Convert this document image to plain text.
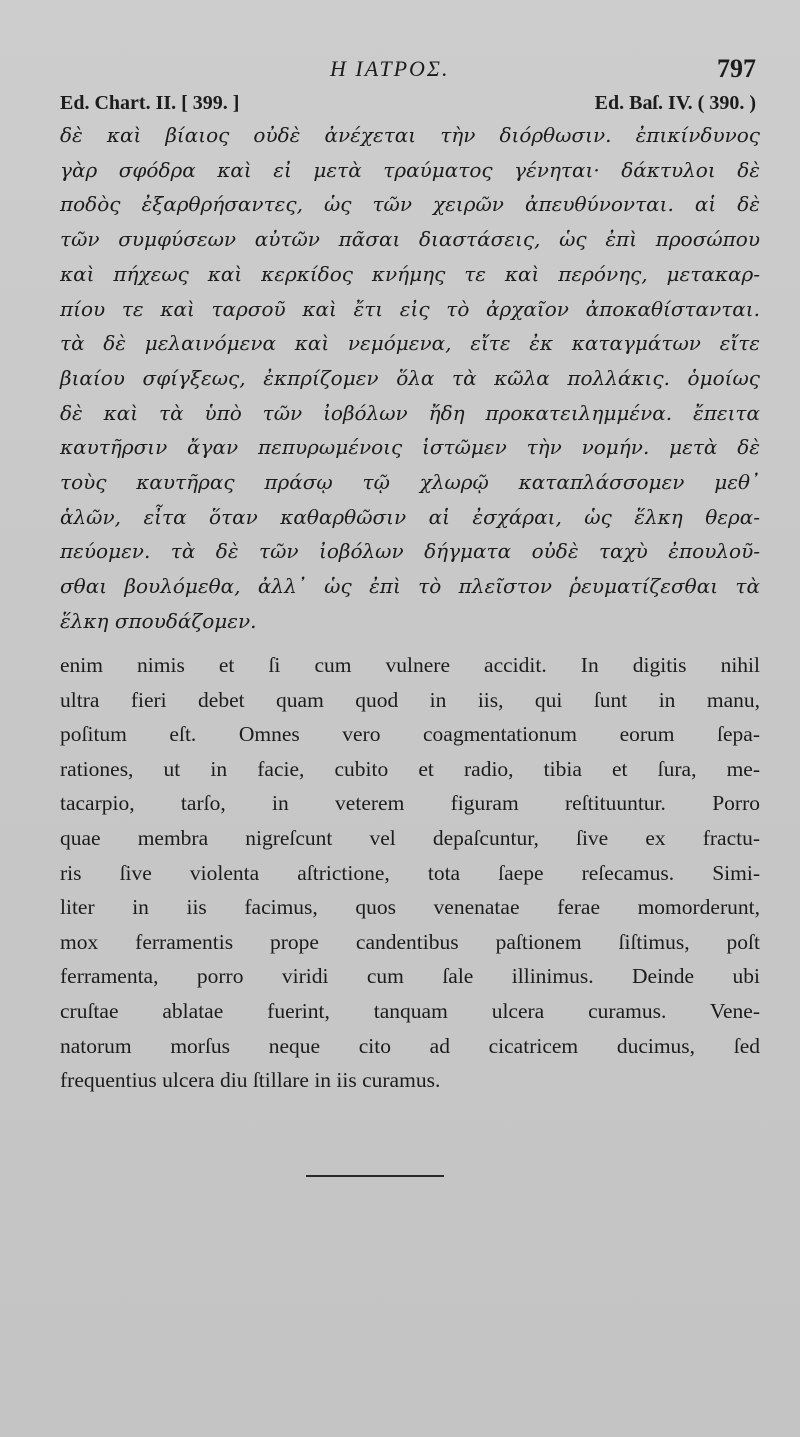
Η ΙΑΤΡΟΣ.	797
Ed. Chart. II. [ 399. ]	Ed. Baſ. IV. ( 390. )
δὲ καὶ βίαιος οὐδὲ ἀνέχεται τὴν διόρθωσιν. ἐπικίνδυνος
γὰρ σφόδρα καὶ εἰ μετὰ τραύματος γένηται· δάκτυλοι δὲ
ποδὸς ἐξαρθρήσαντες, ὡς τῶν χειρῶν ἀπευθύνονται. αἱ δὲ
τῶν συμφύσεων αὐτῶν πᾶσαι διαστάσεις, ὡς ἐπὶ προσώπου
καὶ πήχεως καὶ κερκίδος κνήμης τε καὶ περόνης, μετακαρ-
πίου τε καὶ ταρσοῦ καὶ ἔτι εἰς τὸ ἀρχαῖον ἀποκαθίστανται.
τὰ δὲ μελαινόμενα καὶ νεμόμενα, εἴτε ἐκ καταγμάτων εἴτε
βιαίου σφίγξεως, ἐκπρίζομεν ὅλα τὰ κῶλα πολλάκις. ὁμοίως
δὲ καὶ τὰ ὑπὸ τῶν ἰοβόλων ἤδη προκατειλημμένα. ἔπειτα
καυτῆρσιν ἄγαν πεπυρωμένοις ἱστῶμεν τὴν νομήν. μετὰ δὲ
τοὺς καυτῆρας πράσῳ τῷ χλωρῷ καταπλάσσομεν μεθ᾽
ἁλῶν, εἶτα ὅταν καθαρθῶσιν αἱ ἐσχάραι, ὡς ἕλκη θερα-
πεύομεν. τὰ δὲ τῶν ἰοβόλων δήγματα οὐδὲ ταχὺ ἐπουλοῦ-
σθαι βουλόμεθα, ἀλλ᾽ ὡς ἐπὶ τὸ πλεῖστον ῥευματίζεσθαι τὰ
ἕλκη σπουδάζομεν.
enim nimis et ſi cum vulnere accidit. In digitis nihil
ultra fieri debet quam quod in iis, qui ſunt in manu,
poſitum eſt. Omnes vero coagmentationum eorum ſepa-
rationes, ut in facie, cubito et radio, tibia et ſura, me-
tacarpio, tarſo, in veterem figuram reſtituuntur. Porro
quae membra nigreſcunt vel depaſcuntur, ſive ex fractu-
ris ſive violenta aſtrictione, tota ſaepe reſecamus. Simi-
liter in iis facimus, quos venenatae ferae momorderunt,
mox ferramentis prope candentibus paſtionem ſiſtimus, poſt
ferramenta, porro viridi cum ſale illinimus. Deinde ubi
cruſtae ablatae fuerint, tanquam ulcera curamus. Vene-
natorum morſus neque cito ad cicatricem ducimus, ſed
frequentius ulcera diu ſtillare in iis curamus.
